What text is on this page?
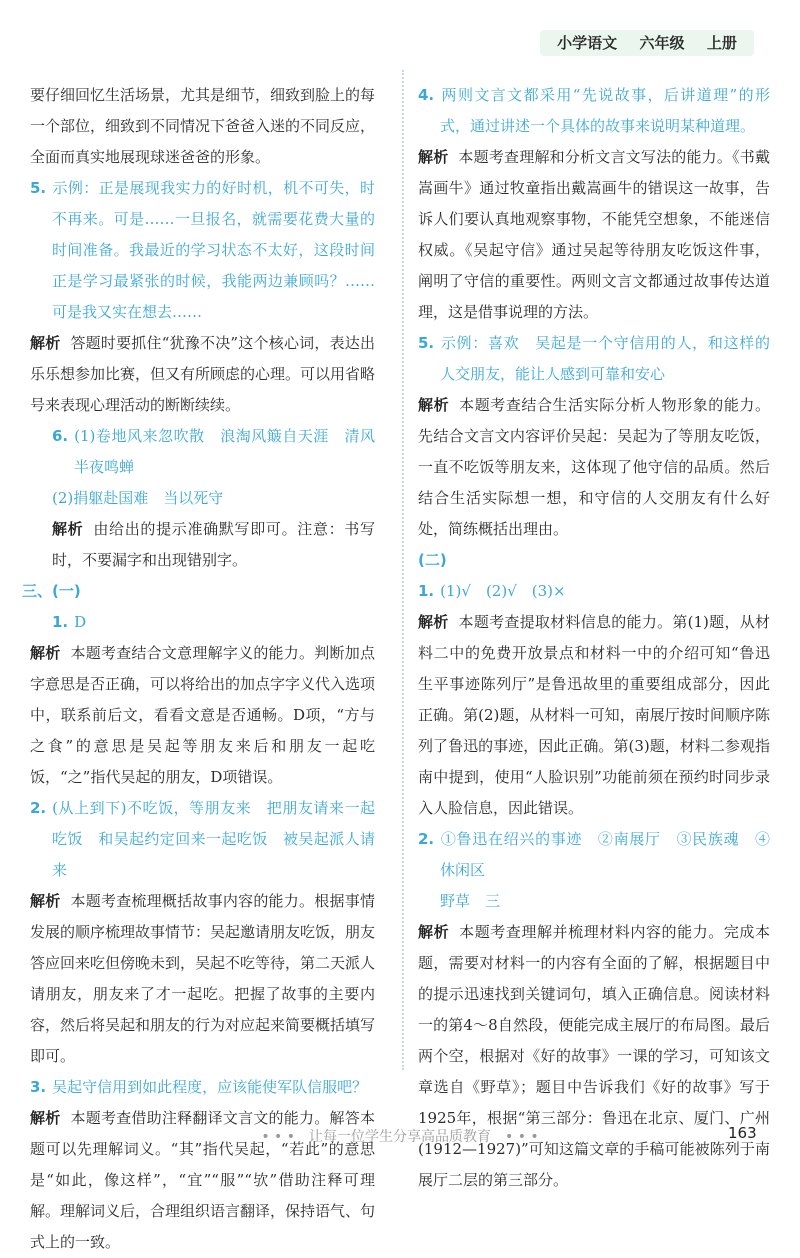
小学语文 六年级 上册

要仔细回忆生活场景，尤其是细节，细致到脸上的每一个部位，细致到不同情况下爸爸入迷的不同反应，全面而真实地展现球迷爸爸的形象。

5. 示例：正是展现我实力的好时机，机不可失，时不再来。可是……一旦报名，就需要花费大量的时间准备。我最近的学习状态不太好，这段时间正是学习最紧张的时候，我能两边兼顾吗？……可是我又实在想去……

解析 答题时要抓住“犹豫不决”这个核心词，表达出乐乐想参加比赛，但又有所顾虑的心理。可以用省略号来表现心理活动的断断续续。

6. (1)卷地风来忽吹散　浪淘风簸自天涯　清风半夜鸣蝉

(2)捐躯赴国难　当以死守

解析 由给出的提示准确默写即可。注意：书写时，不要漏字和出现错别字。

三、(一)

1. D

解析 本题考查结合文意理解字义的能力。判断加点字意思是否正确，可以将给出的加点字字义代入选项中，联系前后文，看看文意是否通畅。D项，“方与之食”的意思是吴起等朋友来后和朋友一起吃饭，“之”指代吴起的朋友，D项错误。

2. (从上到下)不吃饭，等朋友来　把朋友请来一起吃饭　和吴起约定回来一起吃饭　被吴起派人请来

解析 本题考查梳理概括故事内容的能力。根据事情发展的顺序梳理故事情节：吴起邀请朋友吃饭，朋友答应回来吃但傍晚未到，吴起不吃等待，第二天派人请朋友，朋友来了才一起吃。把握了故事的主要内容，然后将吴起和朋友的行为对应起来简要概括填写即可。

3. 吴起守信用到如此程度，应该能使军队信服吧？

解析 本题考查借助注释翻译文言文的能力。解答本题可以先理解词义。“其”指代吴起，“若此”的意思是“如此，像这样”，“宜”“服”“欤”借助注释可理解。理解词义后，合理组织语言翻译，保持语气、句式上的一致。

4. 两则文言文都采用“先说故事，后讲道理”的形式，通过讲述一个具体的故事来说明某种道理。

解析 本题考查理解和分析文言文写法的能力。《书戴嵩画牛》通过牧童指出戴嵩画牛的错误这一故事，告诉人们要认真地观察事物，不能凭空想象，不能迷信权威。《吴起守信》通过吴起等待朋友吃饭这件事，阐明了守信的重要性。两则文言文都通过故事传达道理，这是借事说理的方法。

5. 示例：喜欢　吴起是一个守信用的人，和这样的人交朋友，能让人感到可靠和安心

解析 本题考查结合生活实际分析人物形象的能力。先结合文言文内容评价吴起：吴起为了等朋友吃饭，一直不吃饭等朋友来，这体现了他守信的品质。然后结合生活实际想一想，和守信的人交朋友有什么好处，简练概括出理由。

(二)

1. (1)√　(2)√　(3)×

解析 本题考查提取材料信息的能力。第(1)题，从材料二中的免费开放景点和材料一中的介绍可知“鲁迅生平事迹陈列厅”是鲁迅故里的重要组成部分，因此正确。第(2)题，从材料一可知，南展厅按时间顺序陈列了鲁迅的事迹，因此正确。第(3)题，材料二参观指南中提到，使用“人脸识别”功能前须在预约时同步录入人脸信息，因此错误。

2. ①鲁迅在绍兴的事迹　②南展厅　③民族魂　④休闲区

野草　三

解析 本题考查理解并梳理材料内容的能力。完成本题，需要对材料一的内容有全面的了解，根据题目中的提示迅速找到关键词句，填入正确信息。阅读材料一的第4～8自然段，便能完成主展厅的布局图。最后两个空，根据对《好的故事》一课的学习，可知该文章选自《野草》；题目中告诉我们《好的故事》写于1925年，根据“第三部分：鲁迅在北京、厦门、广州(1912—1927)”可知这篇文章的手稿可能被陈列于南展厅二层的第三部分。

• • •　让每一位学生分享高品质教育　• • •	163
